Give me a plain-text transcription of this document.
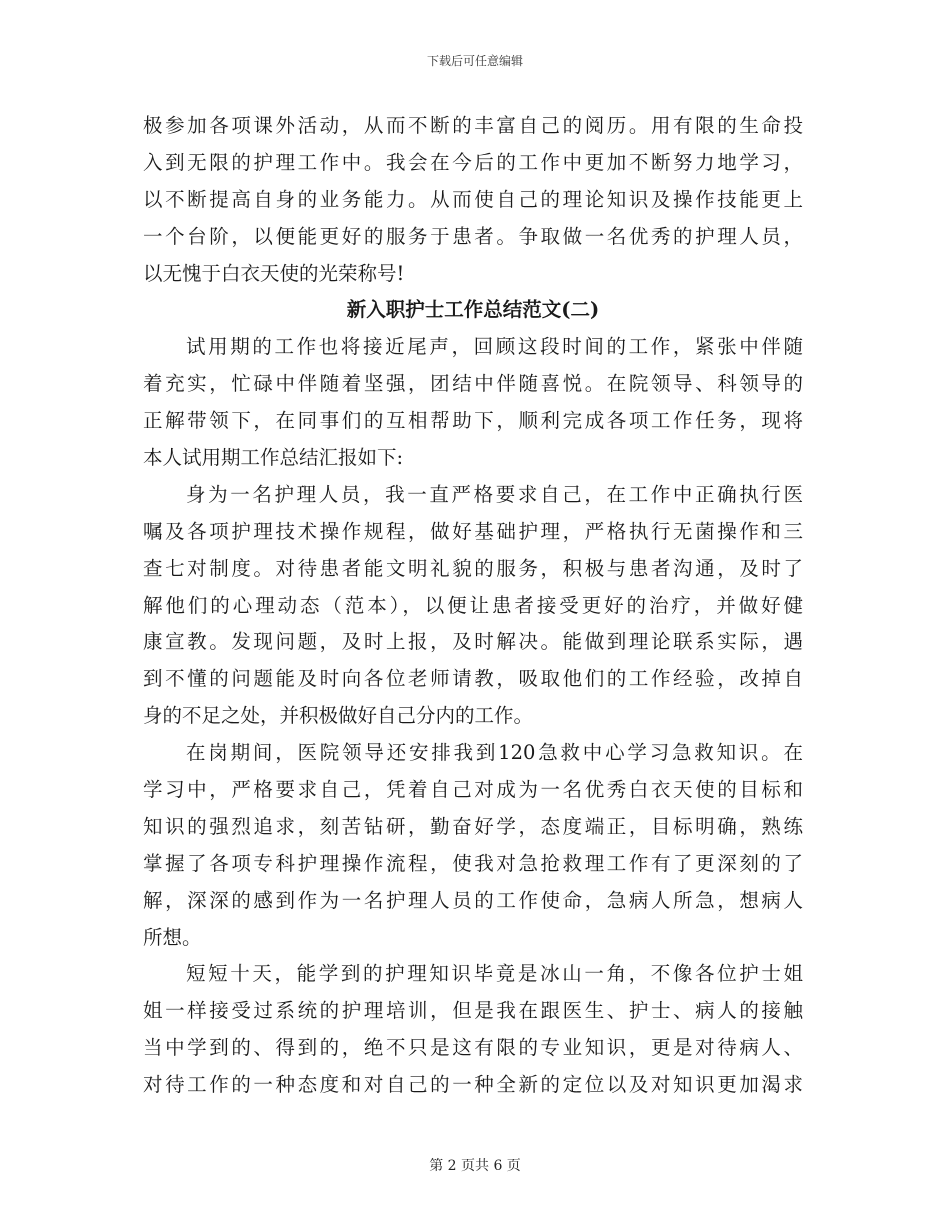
下载后可任意编辑
极参加各项课外活动，从而不断的丰富自己的阅历。用有限的生命投
入到无限的护理工作中。我会在今后的工作中更加不断努力地学习，
以不断提高自身的业务能力。从而使自己的理论知识及操作技能更上
一个台阶，以便能更好的服务于患者。争取做一名优秀的护理人员，
以无愧于白衣天使的光荣称号!
新入职护士工作总结范文(二)
试用期的工作也将接近尾声，回顾这段时间的工作，紧张中伴随
着充实，忙碌中伴随着坚强，团结中伴随喜悦。在院领导、科领导的
正解带领下，在同事们的互相帮助下，顺利完成各项工作任务，现将
本人试用期工作总结汇报如下:
身为一名护理人员，我一直严格要求自己，在工作中正确执行医
嘱及各项护理技术操作规程，做好基础护理，严格执行无菌操作和三
查七对制度。对待患者能文明礼貌的服务，积极与患者沟通，及时了
解他们的心理动态（范本），以便让患者接受更好的治疗，并做好健
康宣教。发现问题，及时上报，及时解决。能做到理论联系实际，遇
到不懂的问题能及时向各位老师请教，吸取他们的工作经验，改掉自
身的不足之处，并积极做好自己分内的工作。
在岗期间，医院领导还安排我到120急救中心学习急救知识。在
学习中，严格要求自己，凭着自己对成为一名优秀白衣天使的目标和
知识的强烈追求，刻苦钻研，勤奋好学，态度端正，目标明确，熟练
掌握了各项专科护理操作流程，使我对急抢救理工作有了更深刻的了
解，深深的感到作为一名护理人员的工作使命，急病人所急，想病人
所想。
短短十天，能学到的护理知识毕竟是冰山一角，不像各位护士姐
姐一样接受过系统的护理培训，但是我在跟医生、护士、病人的接触
当中学到的、得到的，绝不只是这有限的专业知识，更是对待病人、
对待工作的一种态度和对自己的一种全新的定位以及对知识更加渴求
第 2 页共 6 页
